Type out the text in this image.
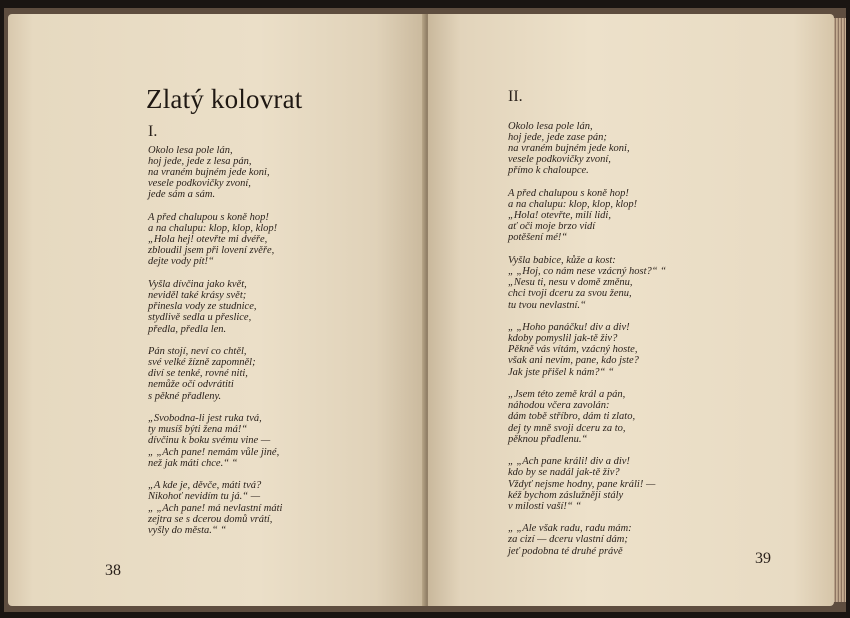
Zlatý kolovrat
I.
Okolo lesa pole lán,
hoj jede, jede z lesa pán,
na vraném bujném jede koni,
vesele podkovičky zvoní,
jede sám a sám.
A před chalupou s koně hop!
a na chalupu: klop, klop, klop!
„Hola hej! otevřte mi dvéře,
zbloudil jsem při lovení zvěře,
dejte vody pít!“
Vyšla dívčina jako květ,
neviděl také krásy svět;
přinesla vody ze studnice,
stydlivě sedla u přeslice,
předla, předla len.
Pán stojí, neví co chtěl,
své velké žízně zapomněl;
diví se tenké, rovné niti,
nemůže očí odvrátiti
s pěkné přadleny.
„Svobodna-li jest ruka tvá,
ty musíš býti žena má!“
dívčinu k boku svému vine —
„ „Ach pane! nemám vůle jiné,
než jak máti chce.“ “
„A kde je, děvče, máti tvá?
Nikohoť nevidím tu já.“ —
„ „Ach pane! má nevlastní máti
zejtra se s dcerou domů vrátí,
vyšly do města.“ “
38
II.
Okolo lesa pole lán,
hoj jede, jede zase pán;
na vraném bujném jede koni,
vesele podkovičky zvoní,
přímo k chaloupce.
A před chalupou s koně hop!
a na chalupu: klop, klop, klop!
„Hola! otevřte, milí lidi,
ať oči moje brzo vidí
potěšení mé!“
Vyšla babice, kůže a kost:
„ „Hoj, co nám nese vzácný host?“ “
„Nesu ti, nesu v domě změnu,
chci tvoji dceru za svou ženu,
tu tvou nevlastní.“
„ „Hoho panáčku! div a div!
kdoby pomyslil jak-tě živ?
Pěkně vás vítám, vzácný hoste,
však ani nevím, pane, kdo jste?
Jak jste přišel k nám?“ “
„Jsem této země král a pán,
náhodou včera zavolán:
dám tobě stříbro, dám ti zlato,
dej ty mně svoji dceru za to,
pěknou přadlenu.“
„ „Ach pane králi! div a div!
kdo by se nadál jak-tě živ?
Vždyť nejsme hodny, pane králi! —
kéž bychom záslužněji stály
v milosti vaší!“ “
„ „Ale však radu, radu mám:
za cizí — dceru vlastní dám;
jeť podobna té druhé právě	39
